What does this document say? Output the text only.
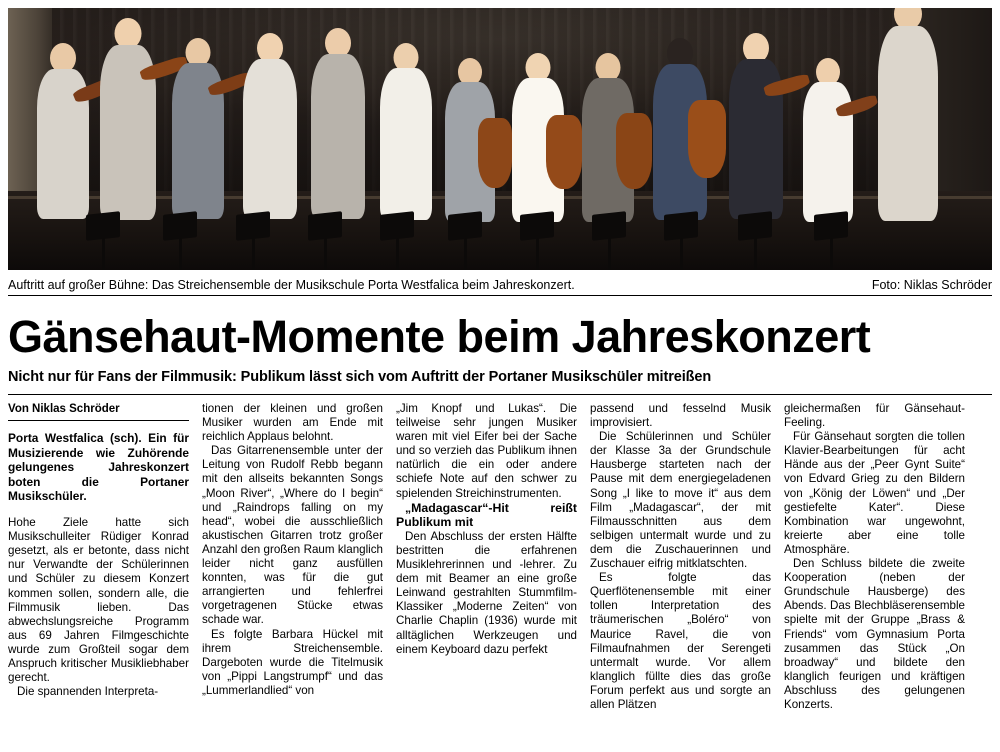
Auftritt auf großer Bühne: Das Streichensemble der Musikschule Porta Westfalica beim Jahreskonzert.	Foto: Niklas Schröder
Gänsehaut-Momente beim Jahreskonzert
Nicht nur für Fans der Filmmusik: Publikum lässt sich vom Auftritt der Portaner Musikschüler mitreißen
Von Niklas Schröder
Porta Westfalica (sch). Ein für Musizierende wie Zuhörende gelungenes Jahreskonzert boten die Portaner Musikschüler.

Hohe Ziele hatte sich Musikschulleiter Rüdiger Konrad gesetzt, als er betonte, dass nicht nur Verwandte der Schülerinnen und Schüler zu diesem Konzert kommen sollen, sondern alle, die Filmmusik lieben. Das abwechslungsreiche Programm aus 69 Jahren Filmgeschichte wurde zum Großteil sogar dem Anspruch kritischer Musikliebhaber gerecht.

Die spannenden Interpreta-

tionen der kleinen und großen Musiker wurden am Ende mit reichlich Applaus belohnt.

Das Gitarrenensemble unter der Leitung von Rudolf Rebb begann mit den allseits bekannten Songs „Moon River“, „Where do I begin“ und „Raindrops falling on my head“, wobei die ausschließlich akustischen Gitarren trotz großer Anzahl den großen Raum klanglich leider nicht ganz ausfüllen konnten, was für die gut arrangierten und fehlerfrei vorgetragenen Stücke etwas schade war.

Es folgte Barbara Hückel mit ihrem Streichensemble. Dargeboten wurde die Titelmusik von „Pippi Langstrumpf“ und das „Lummerlandlied“ von

„Jim Knopf und Lukas“. Die teilweise sehr jungen Musiker waren mit viel Eifer bei der Sache und so verzieh das Publikum ihnen natürlich die ein oder andere schiefe Note auf den schwer zu spielenden Streichinstrumenten.

„Madagascar“-Hit reißt Publikum mit

Den Abschluss der ersten Hälfte bestritten die erfahrenen Musiklehrerinnen und -lehrer. Zu dem mit Beamer an eine große Leinwand gestrahlten Stummfilm-Klassiker „Moderne Zeiten“ von Charlie Chaplin (1936) wurde mit alltäglichen Werkzeugen und einem Keyboard dazu perfekt

passend und fesselnd Musik improvisiert.

Die Schülerinnen und Schüler der Klasse 3a der Grundschule Hausberge starteten nach der Pause mit dem energiegeladenen Song „I like to move it“ aus dem Film „Madagascar“, der mit Filmausschnitten aus dem selbigen untermalt wurde und zu dem die Zuschauerinnen und Zuschauer eifrig mitklatschten.

Es folgte das Querflötenensemble mit einer tollen Interpretation des träumerischen „Boléro“ von Maurice Ravel, die von Filmaufnahmen der Serengeti untermalt wurde. Vor allem klanglich füllte dies das große Forum perfekt aus und sorgte an allen Plätzen

gleichermaßen für Gänsehaut-Feeling.

Für Gänsehaut sorgten die tollen Klavier-Bearbeitungen für acht Hände aus der „Peer Gynt Suite“ von Edvard Grieg zu den Bildern von „König der Löwen“ und „Der gestiefelte Kater“. Diese Kombination war ungewohnt, kreierte aber eine tolle Atmosphäre.

Den Schluss bildete die zweite Kooperation (neben der Grundschule Hausberge) des Abends. Das Blechbläserensemble spielte mit der Gruppe „Brass & Friends“ vom Gymnasium Porta zusammen das Stück „On broadway“ und bildete den klanglich feurigen und kräftigen Abschluss des gelungenen Konzerts.
